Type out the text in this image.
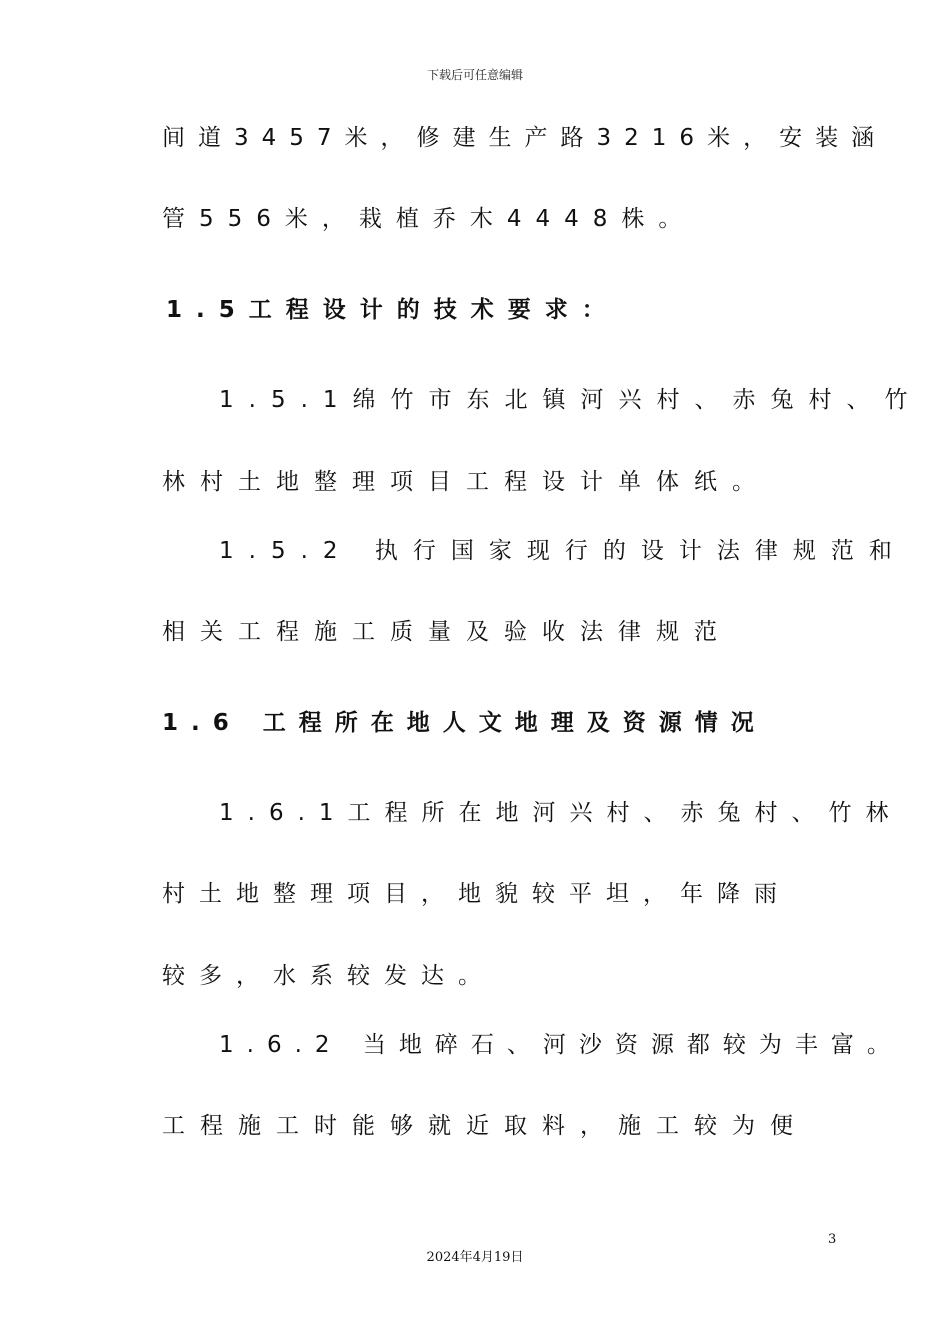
下载后可任意编辑
间道3457米，修建生产路3216米，安装涵
管556米，栽植乔木4448株。
1.5工程设计的技术要求：
1.5.1绵竹市东北镇河兴村、赤兔村、竹
林村土地整理项目工程设计单体纸。
1.5.2 执行国家现行的设计法律规范和
相关工程施工质量及验收法律规范
1.6 工程所在地人文地理及资源情况
1.6.1工程所在地河兴村、赤兔村、竹林
村土地整理项目，地貌较平坦，年降雨
较多，水系较发达。
1.6.2 当地碎石、河沙资源都较为丰富。
工程施工时能够就近取料，施工较为便
3
2024年4月19日
